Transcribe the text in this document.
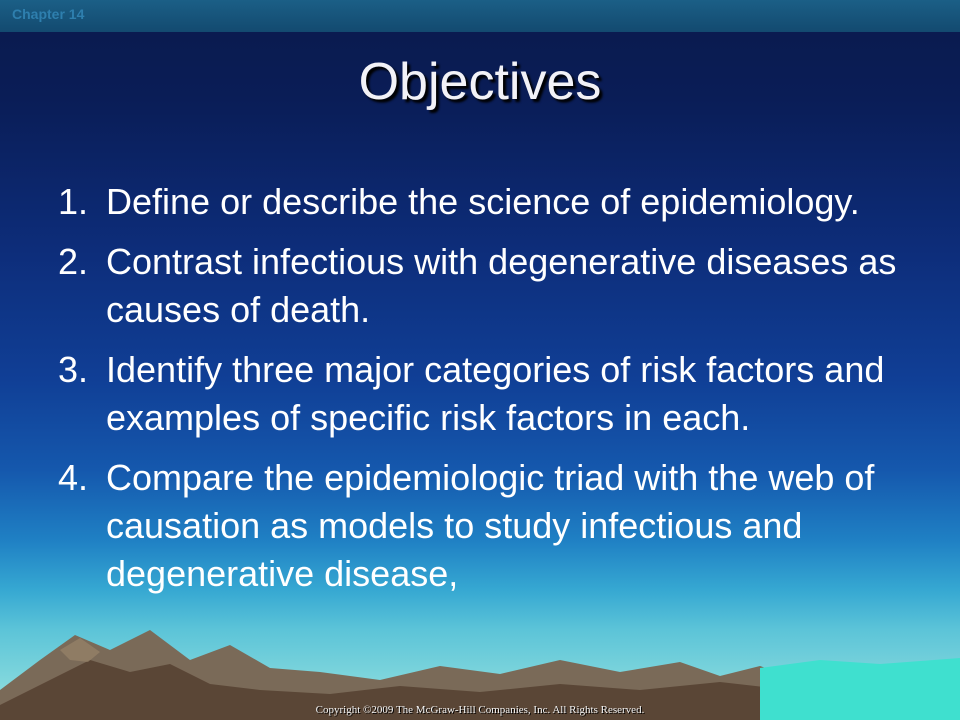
Chapter 14
Objectives
1. Define or describe the science of epidemiology.
2. Contrast infectious with degenerative diseases as causes of death.
3. Identify three major categories of risk factors and examples of specific risk factors in each.
4. Compare the epidemiologic triad with the web of causation as models to study infectious and degenerative disease,
Copyright ©2009 The McGraw-Hill Companies, Inc. All Rights Reserved.
